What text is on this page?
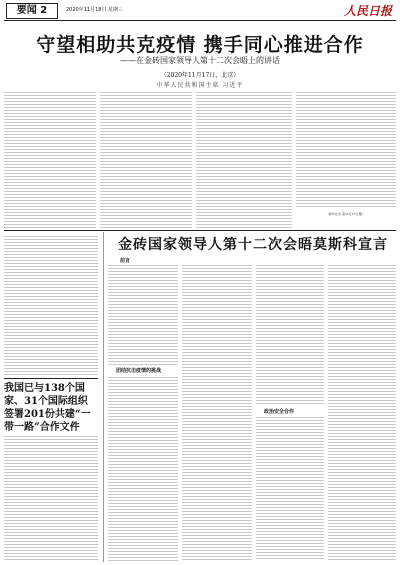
要闻 2	2020年11月18日 星期三	人民日报
守望相助共克疫情 携手同心推进合作
——在金砖国家领导人第十二次会晤上的讲话
（2020年11月17日，北京）
中华人民共和国主席 习近平
（新华社发 第11月17日摄）
我国已与138个国家、31个国际组织签署201份共建“一带一路”合作文件
金砖国家领导人第十二次会晤莫斯科宣言
前言
团结抗击疫情的挑战
政治安全合作
